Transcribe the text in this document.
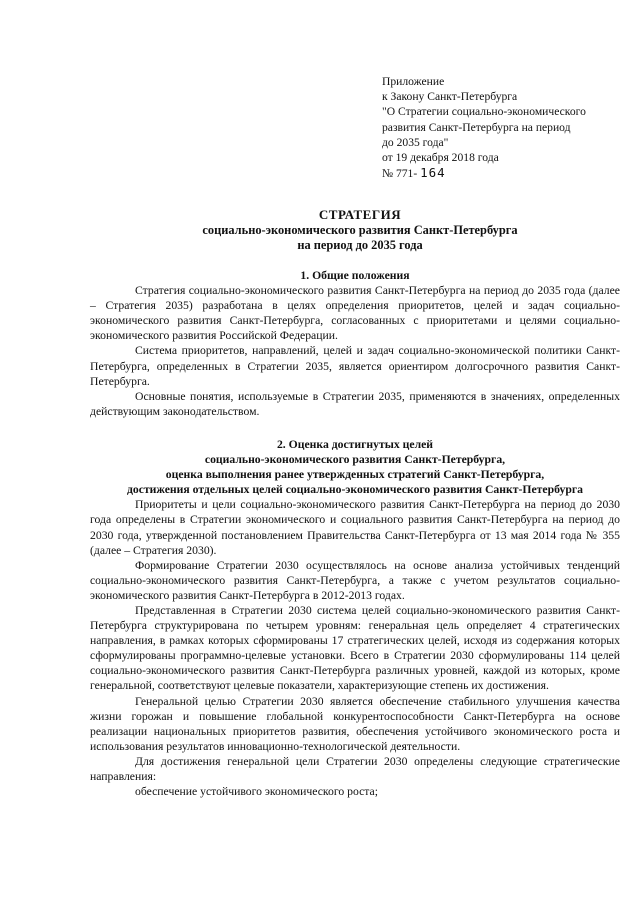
Приложение
к Закону Санкт-Петербурга
"О Стратегии социально-экономического
развития Санкт-Петербурга на период
до 2035 года"
от 19 декабря 2018 года
№ 771- 164
СТРАТЕГИЯ
социально-экономического развития Санкт-Петербурга
на период до 2035 года
1. Общие положения
Стратегия социально-экономического развития Санкт-Петербурга на период до 2035 года (далее – Стратегия 2035) разработана в целях определения приоритетов, целей и задач социально-экономического развития Санкт-Петербурга, согласованных с приоритетами и целями социально-экономического развития Российской Федерации.
Система приоритетов, направлений, целей и задач социально-экономической политики Санкт-Петербурга, определенных в Стратегии 2035, является ориентиром долгосрочного развития Санкт-Петербурга.
Основные понятия, используемые в Стратегии 2035, применяются в значениях, определенных действующим законодательством.
2. Оценка достигнутых целей
социально-экономического развития Санкт-Петербурга,
оценка выполнения ранее утвержденных стратегий Санкт-Петербурга,
достижения отдельных целей социально-экономического развития Санкт-Петербурга
Приоритеты и цели социально-экономического развития Санкт-Петербурга на период до 2030 года определены в Стратегии экономического и социального развития Санкт-Петербурга на период до 2030 года, утвержденной постановлением Правительства Санкт-Петербурга от 13 мая 2014 года № 355 (далее – Стратегия 2030).
Формирование Стратегии 2030 осуществлялось на основе анализа устойчивых тенденций социально-экономического развития Санкт-Петербурга, а также с учетом результатов социально-экономического развития Санкт-Петербурга в 2012-2013 годах.
Представленная в Стратегии 2030 система целей социально-экономического развития Санкт-Петербурга структурирована по четырем уровням: генеральная цель определяет 4 стратегических направления, в рамках которых сформированы 17 стратегических целей, исходя из содержания которых сформулированы программно-целевые установки. Всего в Стратегии 2030 сформулированы 114 целей социально-экономического развития Санкт-Петербурга различных уровней, каждой из которых, кроме генеральной, соответствуют целевые показатели, характеризующие степень их достижения.
Генеральной целью Стратегии 2030 является обеспечение стабильного улучшения качества жизни горожан и повышение глобальной конкурентоспособности Санкт-Петербурга на основе реализации национальных приоритетов развития, обеспечения устойчивого экономического роста и использования результатов инновационно-технологической деятельности.
Для достижения генеральной цели Стратегии 2030 определены следующие стратегические направления:
обеспечение устойчивого экономического роста;
